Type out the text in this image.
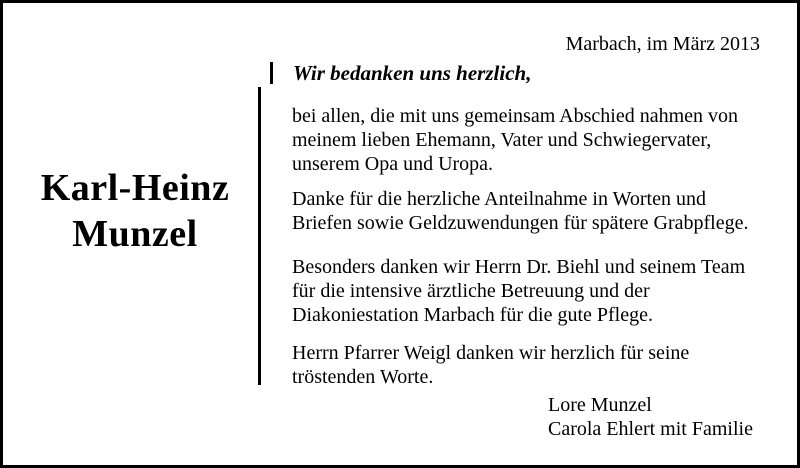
Karl-Heinz
Munzel
Marbach, im März 2013
Wir bedanken uns herzlich,
bei allen, die mit uns gemeinsam Abschied nahmen von
meinem lieben Ehemann, Vater und Schwiegervater,
unserem Opa und Uropa.
Danke für die herzliche Anteilnahme in Worten und
Briefen sowie Geldzuwendungen für spätere Grabpflege.
Besonders danken wir Herrn Dr. Biehl und seinem Team
für die intensive ärztliche Betreuung und der
Diakoniestation Marbach für die gute Pflege.
Herrn Pfarrer Weigl danken wir herzlich für seine
tröstenden Worte.
Lore Munzel
Carola Ehlert mit Familie
